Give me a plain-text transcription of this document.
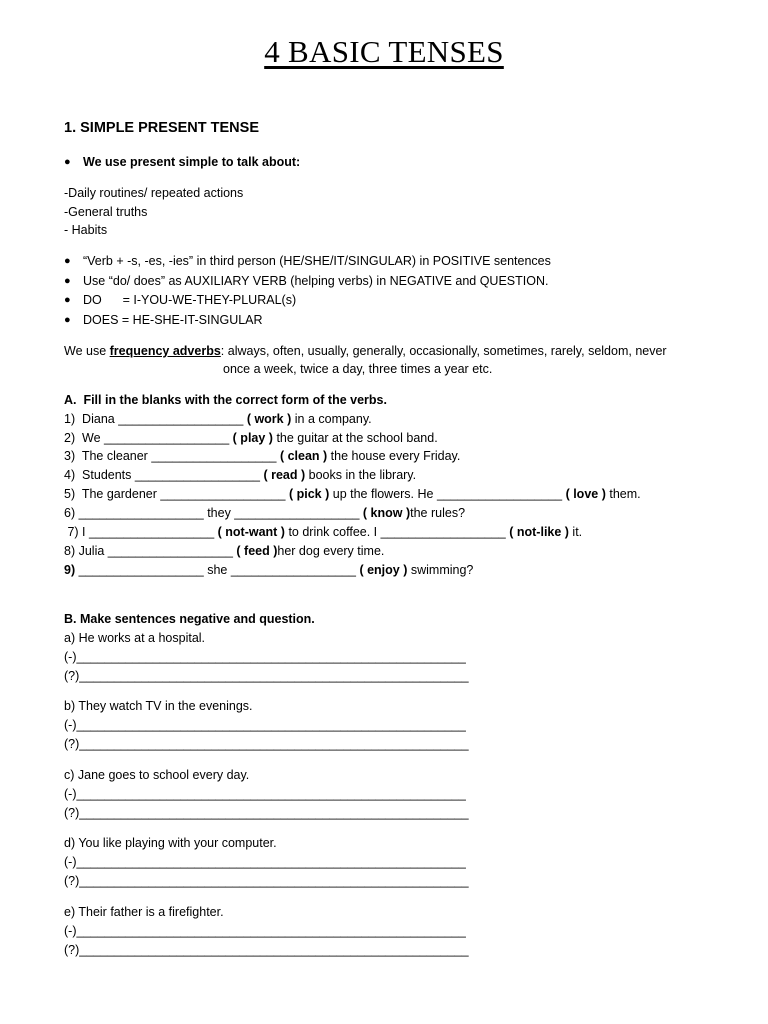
4 BASIC TENSES
1. SIMPLE PRESENT TENSE
● We use present simple to talk about:
-Daily routines/ repeated actions
-General truths
- Habits
● “Verb + -s, -es, -ies” in third person (HE/SHE/IT/SINGULAR) in POSITIVE sentences
● Use “do/ does” as AUXILIARY VERB (helping verbs) in NEGATIVE and QUESTION.
● DO      = I-YOU-WE-THEY-PLURAL(s)
● DOES = HE-SHE-IT-SINGULAR
We use frequency adverbs: always, often, usually, generally, occasionally, sometimes, rarely, seldom, never
once a week, twice a day, three times a year etc.
A.  Fill in the blanks with the correct form of the verbs.
1)  Diana __________________ ( work ) in a company.
2)  We __________________ ( play ) the guitar at the school band.
3)  The cleaner __________________ ( clean ) the house every Friday.
4)  Students __________________ ( read ) books in the library.
5)  The gardener __________________ ( pick ) up the flowers. He __________________ ( love ) them.
6) __________________ they __________________ ( know )the rules?
7) I __________________ ( not-want ) to drink coffee. I __________________ ( not-like ) it.
8) Julia __________________ ( feed )her dog every time.
9) __________________ she __________________ ( enjoy ) swimming?
B. Make sentences negative and question.
a) He works at a hospital.
(-)________________________________________________________
(?)________________________________________________________
b) They watch TV in the evenings.
(-)________________________________________________________
(?)________________________________________________________
c) Jane goes to school every day.
(-)________________________________________________________
(?)________________________________________________________
d) You like playing with your computer.
(-)________________________________________________________
(?)________________________________________________________
e) Their father is a firefighter.
(-)________________________________________________________
(?)________________________________________________________
